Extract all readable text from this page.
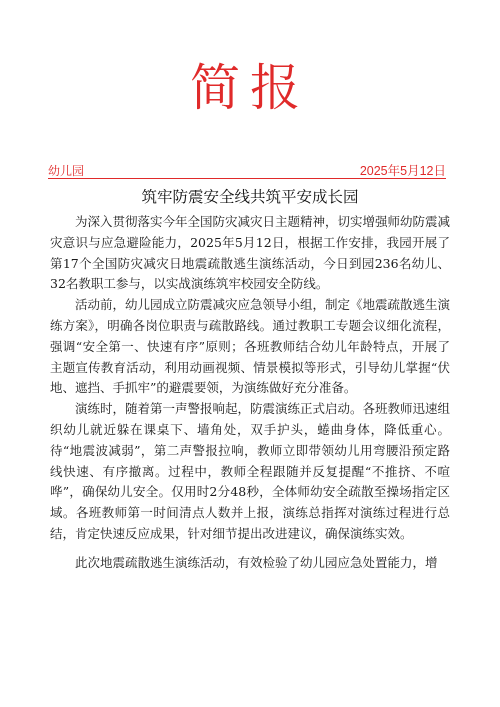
简报
幼儿园	2025年5月12日
筑牢防震安全线共筑平安成长园

为深入贯彻落实今年全国防灾减灾日主题精神，切实增强师幼防震减灾意识与应急避险能力，2025年5月12日，根据工作安排，我园开展了第17个全国防灾减灾日地震疏散逃生演练活动，今日到园236名幼儿、32名教职工参与，以实战演练筑牢校园安全防线。

活动前，幼儿园成立防震减灾应急领导小组，制定《地震疏散逃生演练方案》，明确各岗位职责与疏散路线。通过教职工专题会议细化流程，强调“安全第一、快速有序”原则；各班教师结合幼儿年龄特点，开展了主题宣传教育活动，利用动画视频、情景模拟等形式，引导幼儿掌握“伏地、遮挡、手抓牢”的避震要领，为演练做好充分准备。

演练时，随着第一声警报响起，防震演练正式启动。各班教师迅速组织幼儿就近躲在课桌下、墙角处，双手护头，蜷曲身体，降低重心。待“地震波减弱”，第二声警报拉响，教师立即带领幼儿用弯腰沿预定路线快速、有序撤离。过程中，教师全程跟随并反复提醒“不推挤、不喧哗”，确保幼儿安全。仅用时2分48秒，全体师幼安全疏散至操场指定区域。各班教师第一时间清点人数并上报，演练总指挥对演练过程进行总结，肯定快速反应成果，针对细节提出改进建议，确保演练实效。

此次地震疏散逃生演练活动，有效检验了幼儿园应急处置能力，增
